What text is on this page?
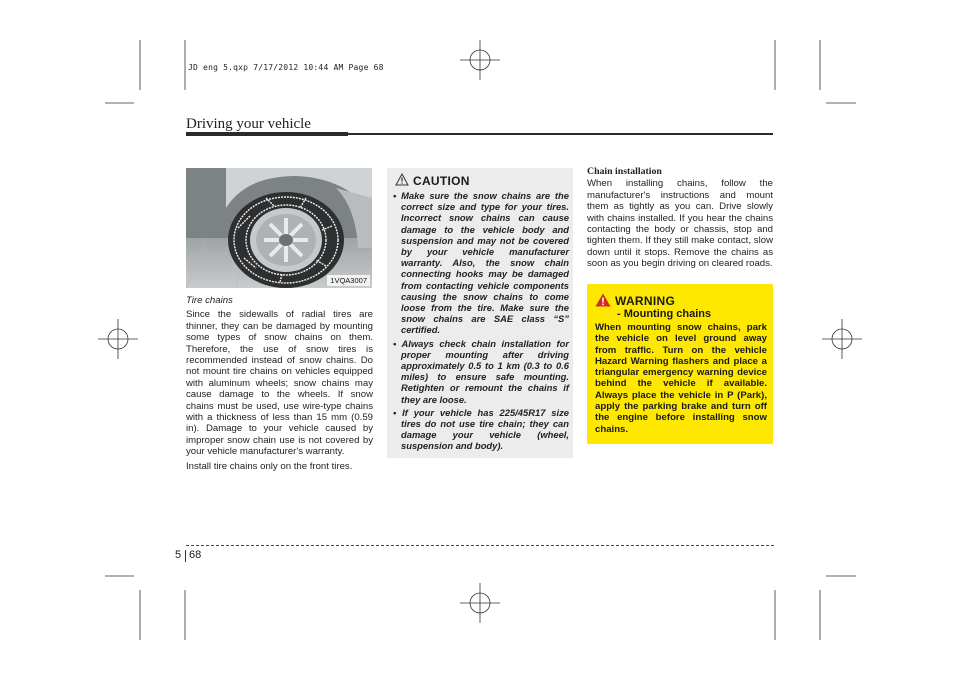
JD eng 5.qxp 7/17/2012 10:44 AM Page 68
Driving your vehicle
1VQA3007

Tire chains

Since the sidewalls of radial tires are thinner, they can be damaged by mounting some types of snow chains on them. Therefore, the use of snow tires is recommended instead of snow chains. Do not mount tire chains on vehicles equipped with aluminum wheels; snow chains may cause damage to the wheels. If snow chains must be used, use wire-type chains with a thickness of less than 15 mm (0.59 in). Damage to your vehicle caused by improper snow chain use is not covered by your vehicle manufacturer's warranty.

Install tire chains only on the front tires.

CAUTION
• Make sure the snow chains are the correct size and type for your tires. Incorrect snow chains can cause damage to the vehicle body and suspension and may not be covered by your vehicle manufacturer warranty. Also, the snow chain connecting hooks may be damaged from contacting vehicle components causing the snow chains to come loose from the tire. Make sure the snow chains are SAE class “S” certified.
• Always check chain installation for proper mounting after driving approximately 0.5 to 1 km (0.3 to 0.6 miles) to ensure safe mounting. Retighten or remount the chains if they are loose.
• If your vehicle has 225/45R17 size tires do not use tire chain; they can damage your vehicle (wheel, suspension and body).

Chain installation

When installing chains, follow the manufacturer's instructions and mount them as tightly as you can. Drive slowly with chains installed. If you hear the chains contacting the body or chassis, stop and tighten them. If they still make contact, slow down until it stops. Remove the chains as soon as you begin driving on cleared roads.

WARNING
- Mounting chains
When mounting snow chains, park the vehicle on level ground away from traffic. Turn on the vehicle Hazard Warning flashers and place a triangular emergency warning device behind the vehicle if available. Always place the vehicle in P (Park), apply the parking brake and turn off the engine before installing snow chains.
5 68
